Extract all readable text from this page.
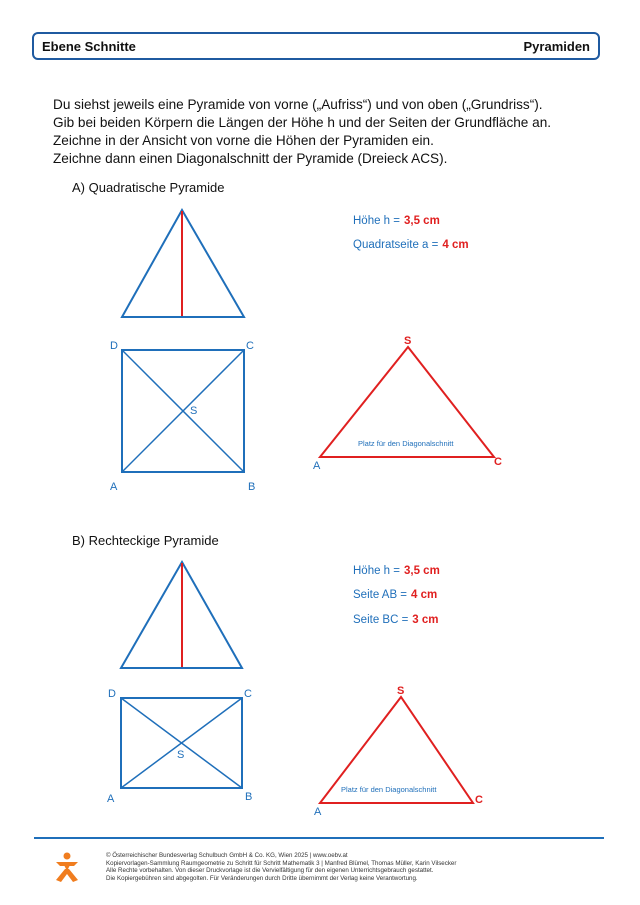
Ebene Schnitte	Pyramiden
Du siehst jeweils eine Pyramide von vorne („Aufriss“) und von oben („Grundriss“).
Gib bei beiden Körpern die Längen der Höhe h und der Seiten der Grundfläche an.
Zeichne in der Ansicht von vorne die Höhen der Pyramiden ein.
Zeichne dann einen Diagonalschnitt der Pyramide (Dreieck ACS).
A) Quadratische Pyramide
Höhe h = 3,5 cm
Quadratseite a = 4 cm
D	C
A	B
S
S
A	C
Platz für den Diagonalschnitt
B) Rechteckige Pyramide
Höhe h = 3,5 cm
Seite AB = 4 cm
Seite BC = 3 cm
D	C
A	B
S
S
A
C
Platz für den Diagonalschnitt
© Österreichischer Bundesverlag Schulbuch GmbH & Co. KG, Wien 2025 | www.oebv.at
Kopiervorlagen-Sammlung Raumgeometrie zu Schritt für Schritt Mathematik 3 | Manfred Blümel, Thomas Müller, Karin Vilsecker
Alle Rechte vorbehalten. Von dieser Druckvorlage ist die Vervielfältigung für den eigenen Unterrichtsgebrauch gestattet.
Die Kopiergebühren sind abgegolten. Für Veränderungen durch Dritte übernimmt der Verlag keine Verantwortung.
